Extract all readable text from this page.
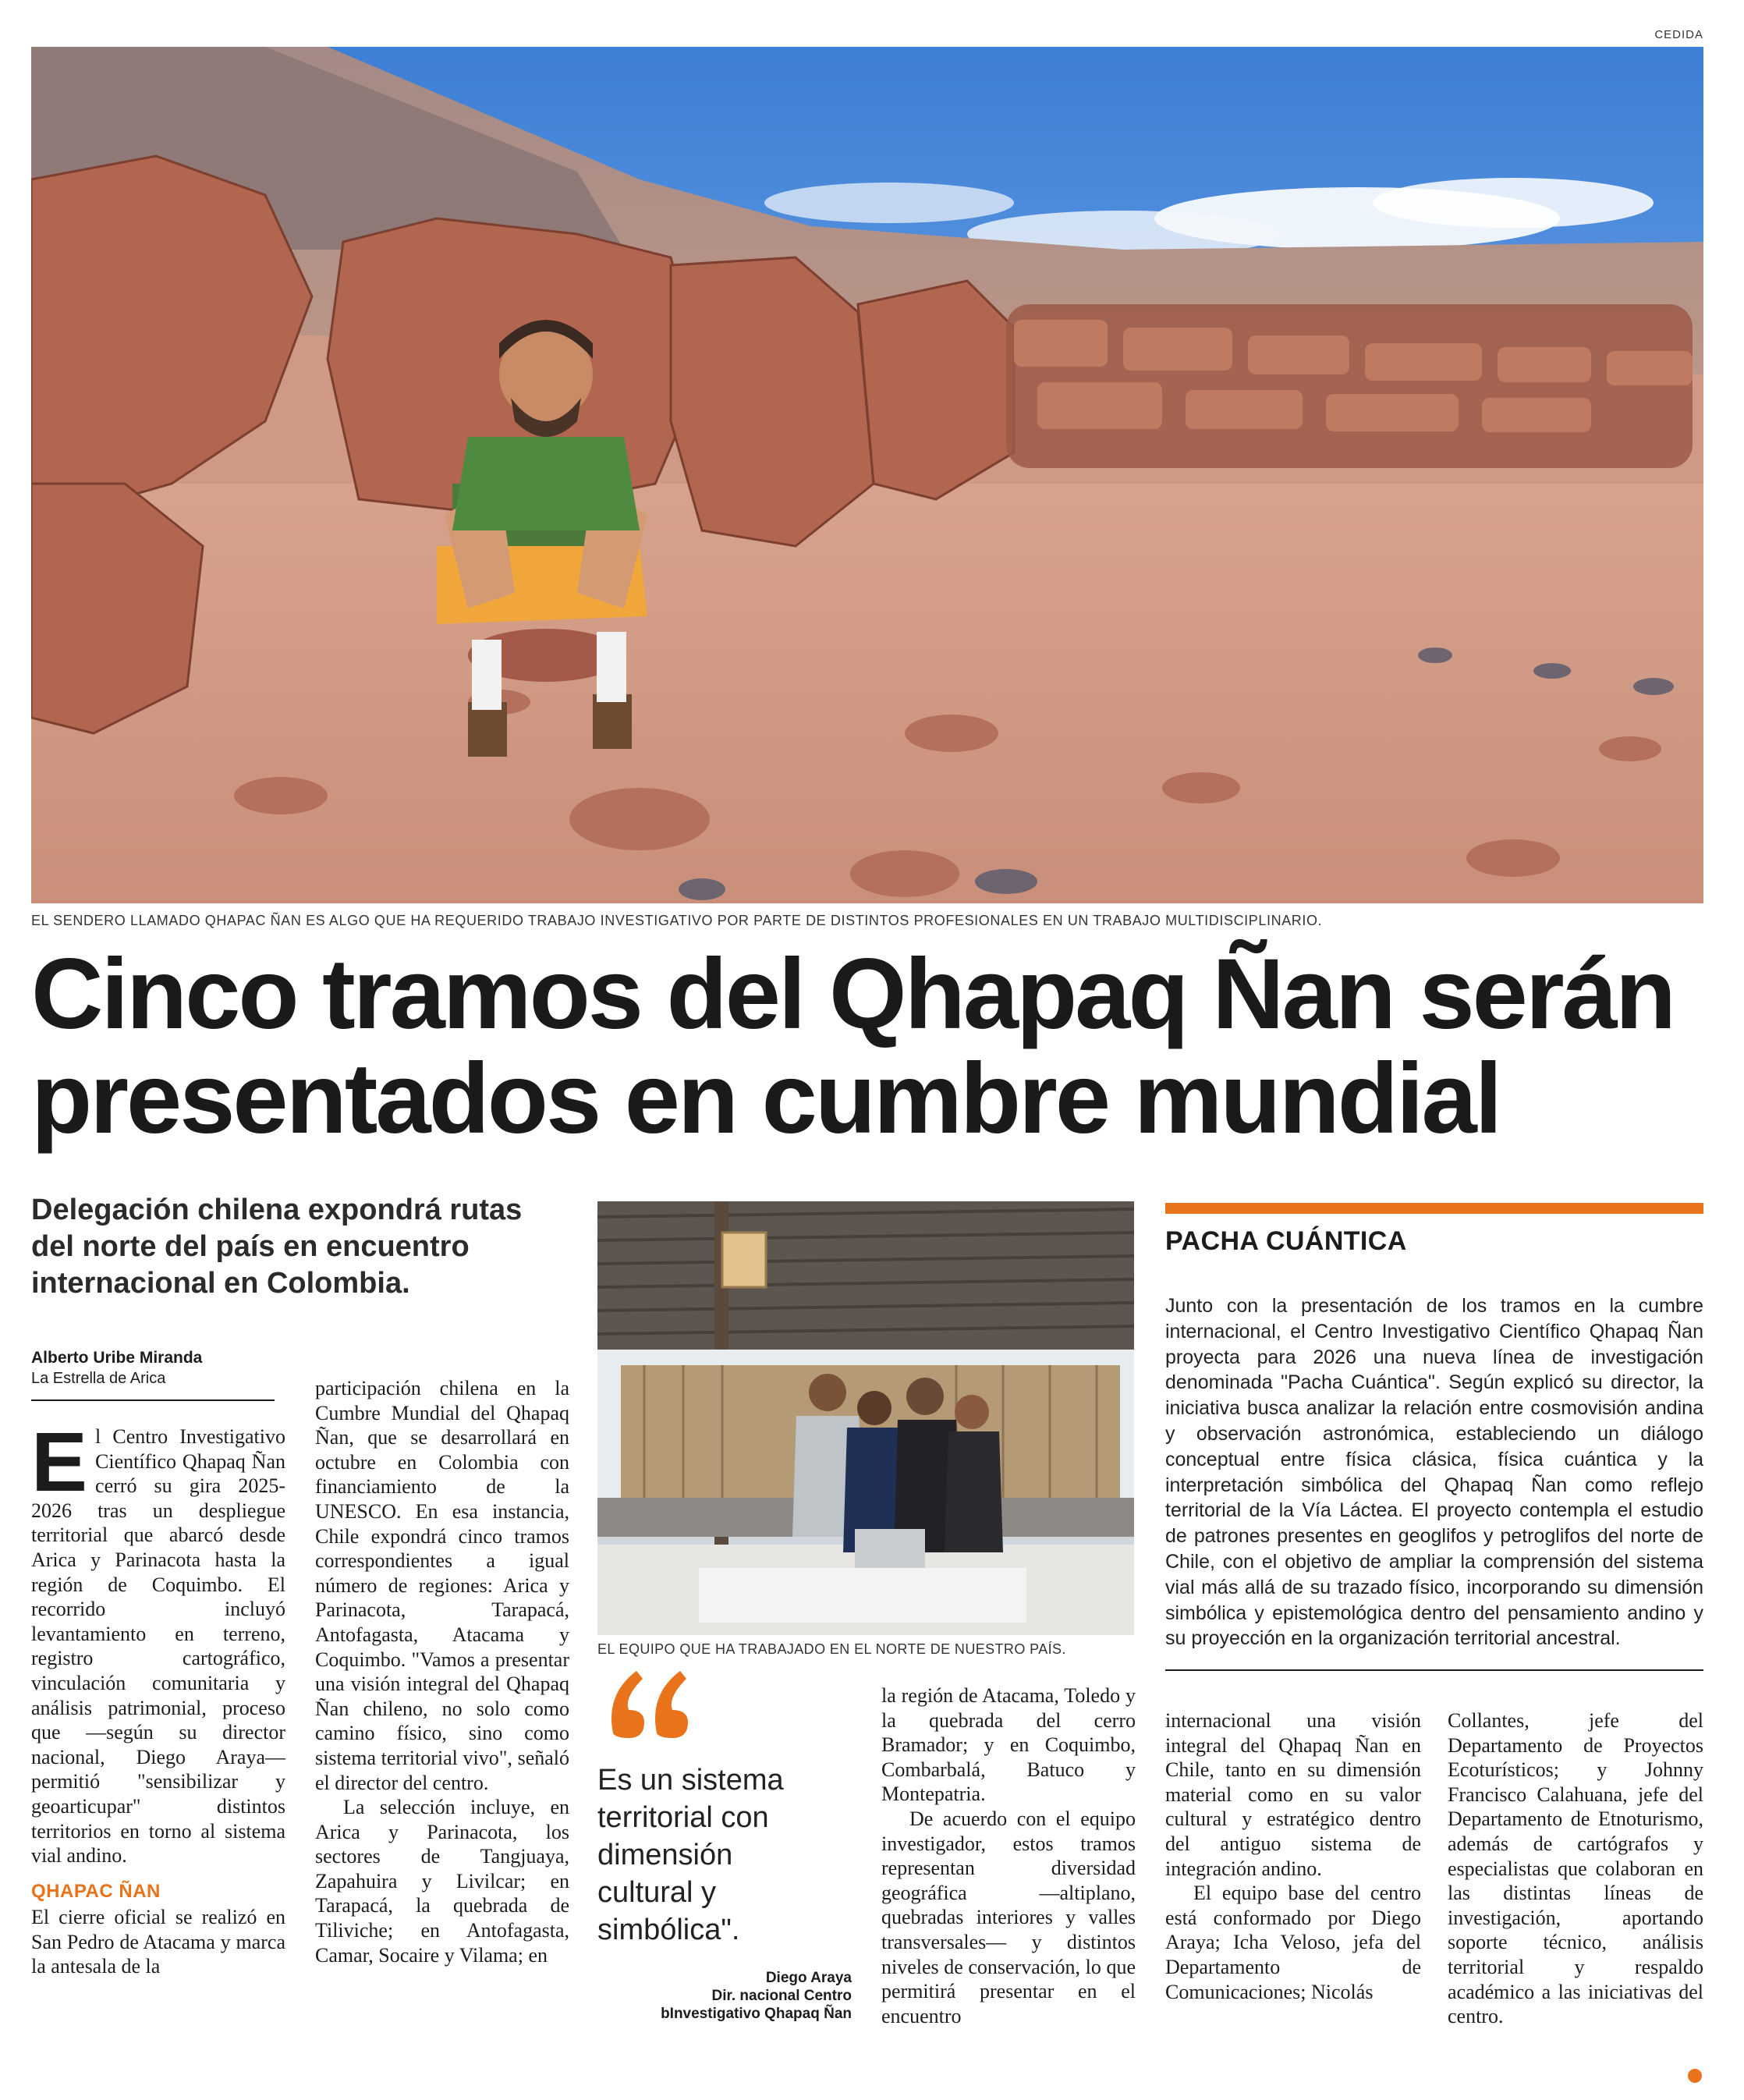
CEDIDA
EL SENDERO LLAMADO QHAPAC ÑAN ES ALGO QUE HA REQUERIDO TRABAJO INVESTIGATIVO POR PARTE DE DISTINTOS PROFESIONALES EN UN TRABAJO MULTIDISCIPLINARIO.
Cinco tramos del Qhapaq Ñan serán
presentados en cumbre mundial
Delegación chilena expondrá rutas del norte del país en encuentro internacional en Colombia.
Alberto Uribe Miranda
La Estrella de Arica

El Centro Investigativo Científico Qhapaq Ñan cerró su gira 2025-2026 tras un despliegue territorial que abarcó desde Arica y Parinacota hasta la región de Coquimbo. El recorrido incluyó levantamiento en terreno, registro cartográfico, vinculación comunitaria y análisis patrimonial, proceso que —según su director nacional, Diego Araya— permitió "sensibilizar y geoarticupar" distintos territorios en torno al sistema vial andino.

QHAPAC ÑAN

El cierre oficial se realizó en San Pedro de Atacama y marca la antesala de la

participación chilena en la Cumbre Mundial del Qhapaq Ñan, que se desarrollará en octubre en Colombia con financiamiento de la UNESCO. En esa instancia, Chile expondrá cinco tramos correspondientes a igual número de regiones: Arica y Parinacota, Tarapacá, Antofagasta, Atacama y Coquimbo. "Vamos a presentar una visión integral del Qhapaq Ñan chileno, no solo como camino físico, sino como sistema territorial vivo", señaló el director del centro.

La selección incluye, en Arica y Parinacota, los sectores de Tangjuaya, Zapahuira y Livilcar; en Tarapacá, la quebrada de Tiliviche; en Antofagasta, Camar, Socaire y Vilama; en

EL EQUIPO QUE HA TRABAJADO EN EL NORTE DE NUESTRO PAÍS.
Es un sistema territorial con dimensión cultural y simbólica".
Diego Araya
Dir. nacional Centro
bInvestigativo Qhapaq Ñan

la región de Atacama, Toledo y la quebrada del cerro Bramador; y en Coquimbo, Combarbalá, Batuco y Montepatria.

De acuerdo con el equipo investigador, estos tramos representan diversidad geográfica —altiplano, quebradas interiores y valles transversales— y distintos niveles de conservación, lo que permitirá presentar en el encuentro

PACHA CUÁNTICA
Junto con la presentación de los tramos en la cumbre internacional, el Centro Investigativo Científico Qhapaq Ñan proyecta para 2026 una nueva línea de investigación denominada "Pacha Cuántica". Según explicó su director, la iniciativa busca analizar la relación entre cosmovisión andina y observación astronómica, estableciendo un diálogo conceptual entre física clásica, física cuántica y la interpretación simbólica del Qhapaq Ñan como reflejo territorial de la Vía Láctea. El proyecto contempla el estudio de patrones presentes en geoglifos y petroglifos del norte de Chile, con el objetivo de ampliar la comprensión del sistema vial más allá de su trazado físico, incorporando su dimensión simbólica y epistemológica dentro del pensamiento andino y su proyección en la organización territorial ancestral.

internacional una visión integral del Qhapaq Ñan en Chile, tanto en su dimensión material como en su valor cultural y estratégico dentro del antiguo sistema de integración andino.

El equipo base del centro está conformado por Diego Araya; Icha Veloso, jefa del Departamento de Comunicaciones; Nicolás

Collantes, jefe del Departamento de Proyectos Ecoturísticos; y Johnny Francisco Calahuana, jefe del Departamento de Etnoturismo, además de cartógrafos y especialistas que colaboran en las distintas líneas de investigación, aportando soporte técnico, análisis territorial y respaldo académico a las iniciativas del centro.
